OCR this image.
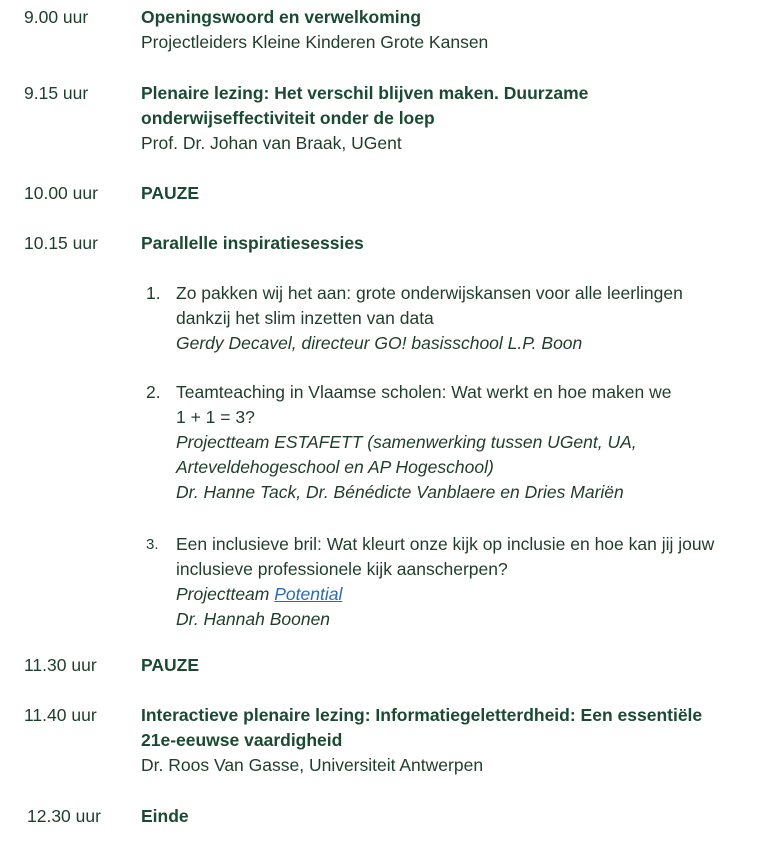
9.00 uur	Openingswoord en verwelkoming
Projectleiders Kleine Kinderen Grote Kansen
9.15 uur	Plenaire lezing: Het verschil blijven maken. Duurzame
onderwijseffectiviteit onder de loep
Prof. Dr. Johan van Braak, UGent
10.00 uur PAUZE
10.15 uur Parallelle inspiratiesessies
1. Zo pakken wij het aan: grote onderwijskansen voor alle leerlingen
dankzij het slim inzetten van data
Gerdy Decavel, directeur GO! basisschool L.P. Boon
2. Teamteaching in Vlaamse scholen: Wat werkt en hoe maken we
1 + 1 = 3?
Projectteam ESTAFETT (samenwerking tussen UGent, UA,
Arteveldehogeschool en AP Hogeschool)
Dr. Hanne Tack, Dr. Bénédicte Vanblaere en Dries Mariën
3. Een inclusieve bril: Wat kleurt onze kijk op inclusie en hoe kan jij jouw
inclusieve professionele kijk aanscherpen?
Projectteam Potential
Dr. Hannah Boonen
11.30 uur	PAUZE
11.40 uur	Interactieve plenaire lezing: Informatiegeletterdheid: Een essentiële
21e-eeuwse vaardigheid
Dr. Roos Van Gasse, Universiteit Antwerpen
12.30 uur Einde
